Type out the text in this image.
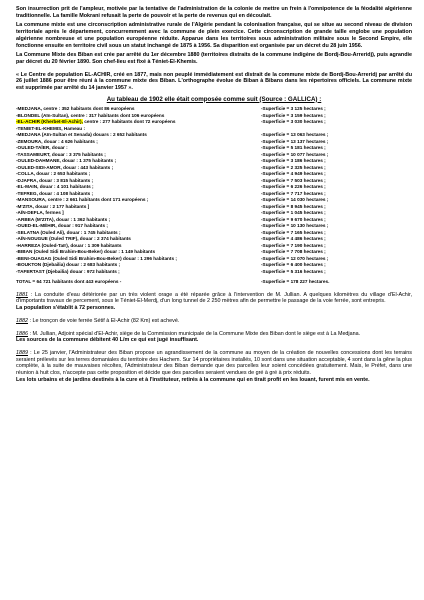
Son insurrection prit de l'ampleur, motivée par la tentative de l'administration de la colonie de mettre un frein à l'omnipotence de la féodalité algérienne traditionnelle. La famille Mokrani refusait la perte de pouvoir et la perte de revenus qui en découlait.

La commune mixte est une circonscription administrative rurale de l'Algérie pendant la colonisation française, qui se situe au second niveau de division territoriale après le département, concurremment avec la commune de plein exercice. Cette circonscription de grande taille englobe une population algérienne nombreuse et une population européenne réduite. Apparue dans les territoires sous administration militaire sous le Second Empire, elle fonctionne ensuite en territoire civil sous un statut inchangé de 1875 à 1956. Sa disparition est organisée par un décret du 28 juin 1956.

La Commune Mixte des Biban est crée par arrêté du 1er décembre 1880 (territoires distraits de la commune indigène de Bordj-Bou-Arreridj), puis agrandie par décret du 20 février 1890. Son chef-lieu est fixé à Téniet-El-Khemis.

« Le Centre de population EL-ACHIR, créé en 1877, mais non peuplé immédiatement est distrait de la commune mixte de Bordj-Bou-Arreridj par arrêté du 26 juillet 1886 pour être réuni à la commune mixte des Biban. L'orthographe évolue de Biban à Bibans dans les répertoires officiels. La commune mixte est supprimée par arrêté du 14 janvier 1957 ».

Au tableau de 1902 elle était composée comme suit (Source : GALLICA) :
-MEDJANA, centre : 352 habitants dont 86 européens	-Superficie = 3 125 hectares ;
-BLONDEL (Aïn-Sultan), centre : 317 habitants dont 106 européens	-Superficie = 3 159 hectares ;
-EL-ACHIR (Kherbet-El-Achir), centre : 277 habitants dont 72 européens	-Superficie = 3 030 hectares ;
-TENIET-EL-KHEMIS, Hameau :
-MEDJANA (Aïn-Sultan et Senada) douars : 2 652 habitants	-Superficie = 13 063 hectares ;
-ZEMOURA, douar : 4 626 habitants ;	-Superficie = 13 137 hectares ;
-OULED-TAÏER, douar :	-Superficie = 5 181 hectares ;
-TASSAMEURT, douar : 3 375 habitants ;	-Superficie = 10 077 hectares ;
-OULED-DAHMANE, douar : 1 375 habitants ;	-Superficie = 3 186 hectares ;
-OULED-SIDI-AMOR, douar : 443 habitants ;	-Superficie = 2 325 hectares ;
-COLLA, douar : 2 653 habitants ;	-Superficie = 4 949 hectares ;
-DJAFRA, douar : 3 815 habitants ;	-Superficie = 7 503 hectares ;
-EL-MAIN, douar : 4 101 habitants ;	-Superficie = 6 226 hectares ;
-TEFREG, douar : 4 108 habitants ;	-Superficie = 7 717 hectares ;
-MANSOURA, centre : 2 661 habitants dont 171 européens ;	-Superficie = 14 030 hectares ;
-M'ZITA, douar : 2 177 habitants ]	-Superficie = 8 945 hectares ;
-AÏN-DEFLA, fermes ]	-Superficie = 1 045 hectares ;
-ARBEA (M'ZITA), douar : 1 362 habitants ;	-Superficie = 9 670 hectares ;
-OUED-EL-MÉHIR, douar : 917 habitants ;	-Superficie = 10 130 hectares ;
-SELATNA (Ouled Ali), douar : 1 745 habitants ;	-Superficie = 7 165 hectares ;
-AÏN-NOUGUE (Ouled TRIF), douar : 2 374 habitants	-Superficie = 4 486 hectares ;
-HARREZA (Ouled-Taïr), douar : 1 309 habitants	-Superficie = 7 190 hectares ;
-BIBAN (Ouled Sidi Brahim-Bou-Beker) douar : 1 149 habitants	-Superficie = 7 708 hectares ;
-BENI-OUAGAG (Ouled Sidi Brahim-Bou-Beker) douar : 1 296 habitants ;	-Superficie = 12 070 hectares ;
-BOUKTON (Djebailia) douar : 2 683 habitants ;	-Superficie = 6 400 hectares ;
-TAFERTAST (Djebailia) douar : 972 habitants ;	-Superficie = 5 316 hectares ;
TOTAL = 64 721 habitants dont 443 européens -	-Superficie = 178 227 hectares.

1881 : La conduite d'eau détériorée par un très violent orage a été réparée grâce à l'intervention de M. Jullian. A quelques kilomètres du village d'El-Achir, d'importants travaux de percement, sous le Téniet-El-Merdj, d'un long tunnel de 2 250 mètres afin de permettre le passage de la voie ferrée, sont entrepris.

La population s'établit à 72 personnes.

1882 : Le tronçon de voie ferrée Sétif à El-Achir (82 Km) est achevé.

1886 : M. Jullian, Adjoint spécial d'El-Achir, siège de la Commission municipale de la Commune Mixte des Biban dont le siège est à La Medjana.

Les sources de la commune débitent 40 L/m ce qui est jugé insuffisant.

1889 : Le 25 janvier, l'Administrateur des Biban propose un agrandissement de la commune au moyen de la création de nouvelles concessions dont les terrains seraient prélevés sur les terres domaniales du territoire des Hachem. Sur 14 propriétaires installés, 10 sont dans une situation acceptable, 4 sont dans la gêne la plus complète, à la suite de mauvaises récoltes, l'Administrateur des Biban demande que des parcelles leur soient concédées gratuitement. Mais, le Préfet, dans une réunion à huit clos, n'accepte pas cette proposition et décide que des parcelles seraient vendues de gré à gré à prix réduits.

Les lots urbains et de jardins destinés à la cure et à l'instituteur, retirés à la commune qui en tirait profit en les louant, furent mis en vente.
